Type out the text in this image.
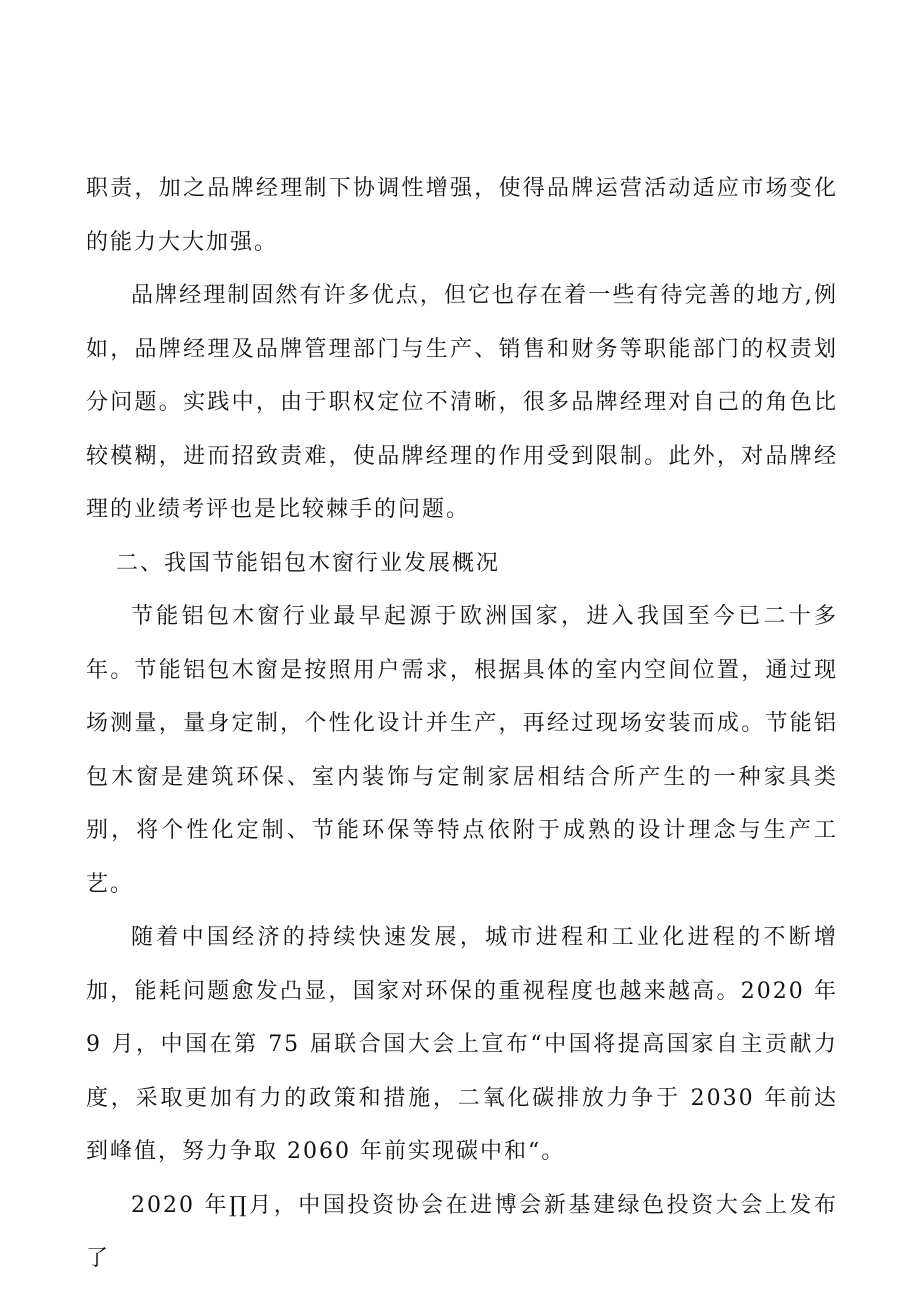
职责，加之品牌经理制下协调性增强，使得品牌运营活动适应市场变化的能力大大加强。

品牌经理制固然有许多优点，但它也存在着一些有待完善的地方,例如，品牌经理及品牌管理部门与生产、销售和财务等职能部门的权责划分问题。实践中，由于职权定位不清晰，很多品牌经理对自己的角色比较模糊，进而招致责难，使品牌经理的作用受到限制。此外，对品牌经理的业绩考评也是比较棘手的问题。

二、我国节能铝包木窗行业发展概况

节能铝包木窗行业最早起源于欧洲国家，进入我国至今已二十多年。节能铝包木窗是按照用户需求，根据具体的室内空间位置，通过现场测量，量身定制，个性化设计并生产，再经过现场安装而成。节能铝包木窗是建筑环保、室内装饰与定制家居相结合所产生的一种家具类别，将个性化定制、节能环保等特点依附于成熟的设计理念与生产工艺。

随着中国经济的持续快速发展，城市进程和工业化进程的不断增加，能耗问题愈发凸显，国家对环保的重视程度也越来越高。2020 年 9 月，中国在第 75 届联合国大会上宣布“中国将提高国家自主贡献力度，采取更加有力的政策和措施，二氧化碳排放力争于 2030 年前达到峰值，努力争取 2060 年前实现碳中和“。

2020 年∏月，中国投资协会在进博会新基建绿色投资大会上发布了
